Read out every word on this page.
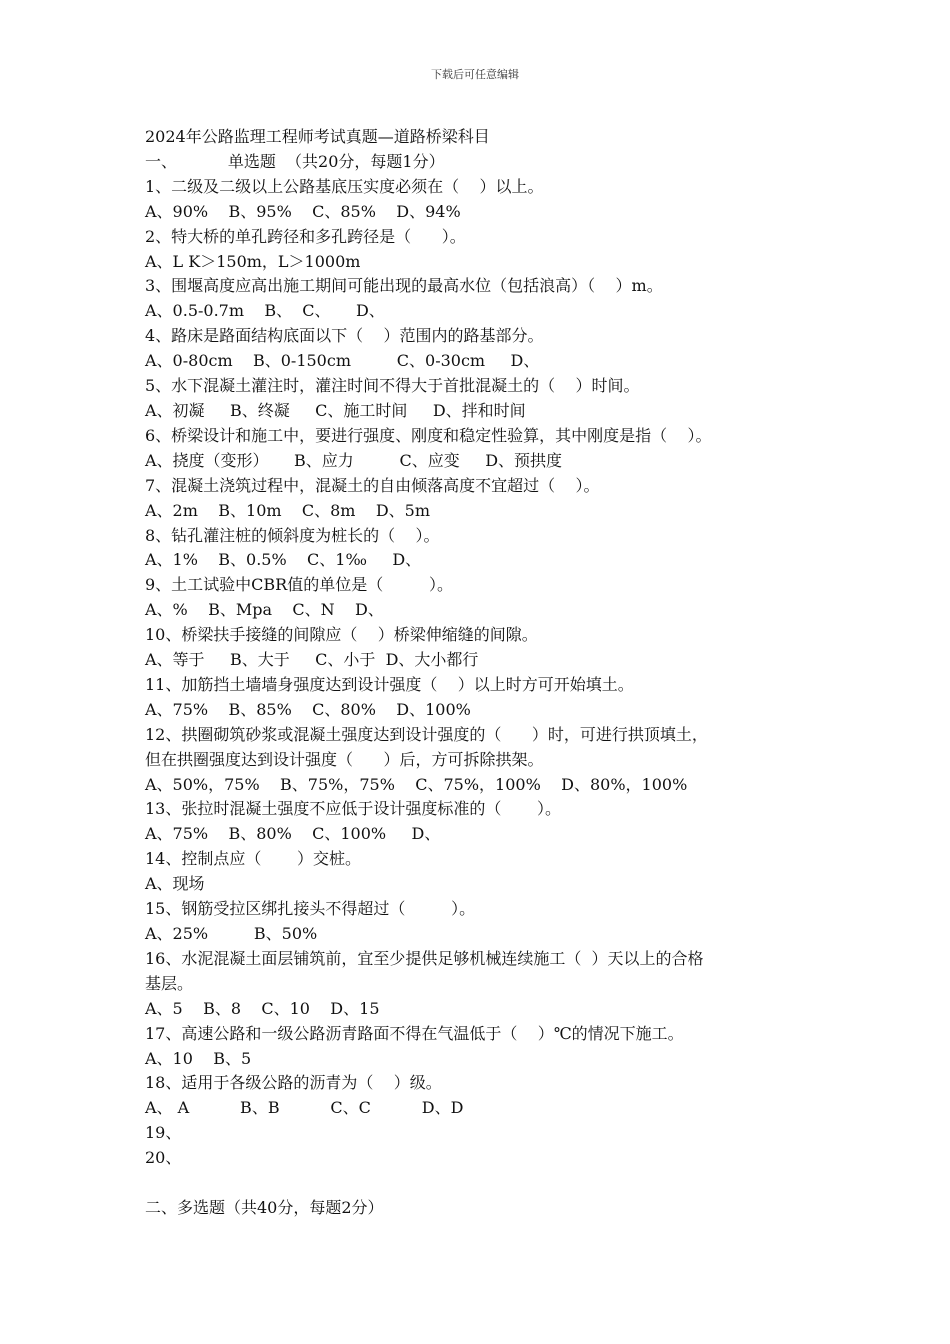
下载后可任意编辑
2024年公路监理工程师考试真题—道路桥梁科目
一、          单选题  （共20分，每题1分）
1、二级及二级以上公路基底压实度必须在（    ）以上。
A、90%    B、95%    C、85%    D、94%
2、特大桥的单孔跨径和多孔跨径是（      ）。
A、L K＞150m，L＞1000m
3、围堰高度应高出施工期间可能出现的最高水位（包括浪高）（    ）m。
A、0.5-0.7m    B、  C、     D、
4、路床是路面结构底面以下（    ）范围内的路基部分。
A、0-80cm    B、0-150cm         C、0-30cm     D、
5、水下混凝土灌注时，灌注时间不得大于首批混凝土的（    ）时间。
A、初凝     B、终凝     C、施工时间     D、拌和时间
6、桥梁设计和施工中，要进行强度、刚度和稳定性验算，其中刚度是指（    ）。
A、挠度（变形）     B、应力         C、应变     D、预拱度
7、混凝土浇筑过程中，混凝土的自由倾落高度不宜超过（    ）。
A、2m    B、10m    C、8m    D、5m
8、钻孔灌注桩的倾斜度为桩长的（    ）。
A、1%    B、0.5%    C、1‰     D、
9、土工试验中CBR值的单位是（         ）。
A、%    B、Mpa    C、N    D、
10、桥梁扶手接缝的间隙应（    ）桥梁伸缩缝的间隙。
A、等于     B、大于     C、小于  D、大小都行
11、加筋挡土墙墙身强度达到设计强度（    ）以上时方可开始填土。
A、75%    B、85%    C、80%    D、100%
12、拱圈砌筑砂浆或混凝土强度达到设计强度的（      ）时，可进行拱顶填土，
但在拱圈强度达到设计强度（      ）后，方可拆除拱架。
A、50%，75%    B、75%，75%    C、75%，100%    D、80%，100%
13、张拉时混凝土强度不应低于设计强度标准的（       ）。
A、75%    B、80%    C、100%     D、
14、控制点应（       ）交桩。
A、现场
15、钢筋受拉区绑扎接头不得超过（         ）。
A、25%         B、50%
16、水泥混凝土面层铺筑前，宜至少提供足够机械连续施工（  ）天以上的合格
基层。
A、5    B、8    C、10    D、15
17、高速公路和一级公路沥青路面不得在气温低于（    ）℃的情况下施工。
A、10    B、5
18、适用于各级公路的沥青为（    ）级。
A、 A          B、B          C、C          D、D
19、
20、
二、多选题（共40分，每题2分）
